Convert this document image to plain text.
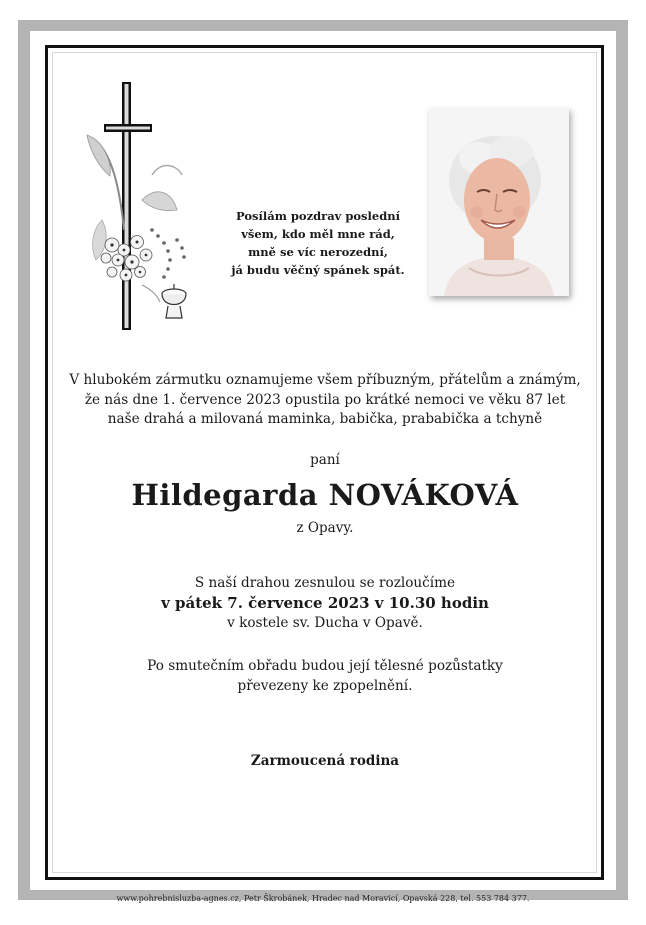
Posílám pozdrav poslední
všem, kdo měl mne rád,
mně se víc nerozední,
já budu věčný spánek spát.
V hlubokém zármutku oznamujeme všem příbuzným, přátelům a známým,
že nás dne 1. července 2023 opustila po krátké nemoci ve věku 87 let
naše drahá a milovaná maminka, babička, prababička a tchyně
paní
Hildegarda NOVÁKOVÁ
z Opavy.
S naší drahou zesnulou se rozloučíme
v pátek 7. července 2023 v 10.30 hodin
v kostele sv. Ducha v Opavě.
Po smutečním obřadu budou její tělesné pozůstatky
převezeny ke zpopelnění.
Zarmoucená rodina
www.pohrebnisluzba-agnes.cz, Petr Škrobánek, Hradec nad Moravicí, Opavská 228, tel. 553 784 377.
